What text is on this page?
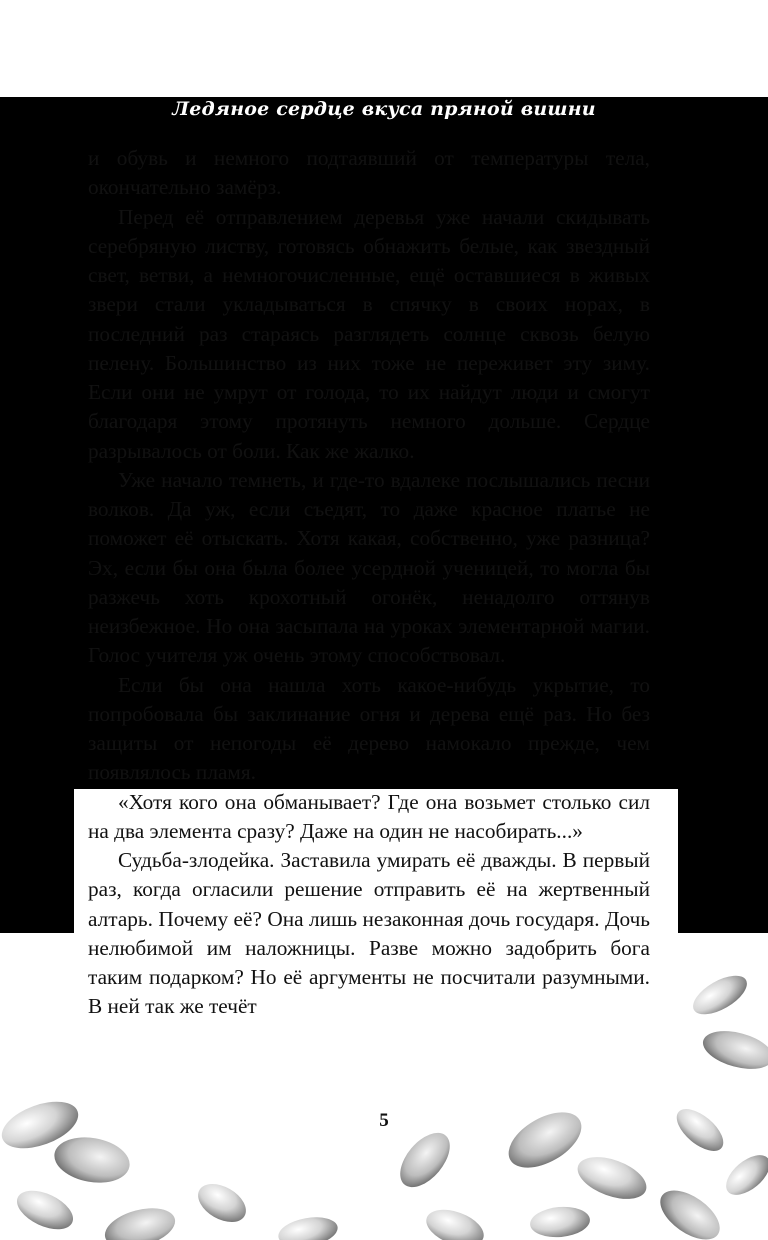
Ледяное сердце вкуса пряной вишни

и обувь и немного подтаявший от температуры тела, окончательно замёрз.

Перед её отправлением деревья уже начали скидывать серебряную листву, готовясь обнажить белые, как звездный свет, ветви, а немногочисленные, ещё оставшиеся в живых звери стали укладываться в спячку в своих норах, в последний раз стараясь разглядеть солнце сквозь белую пелену. Большинство из них тоже не переживет эту зиму. Если они не умрут от голода, то их найдут люди и смогут благодаря этому протянуть немного дольше. Сердце разрывалось от боли. Как же жалко.

Уже начало темнеть, и где-то вдалеке послышались песни волков. Да уж, если съедят, то даже красное платье не поможет её отыскать. Хотя какая, собственно, уже разница? Эх, если бы она была более усердной ученицей, то могла бы разжечь хоть крохотный огонёк, ненадолго оттянув неизбежное. Но она засыпала на уроках элементарной магии. Голос учителя уж очень этому способствовал.

Если бы она нашла хоть какое-нибудь укрытие, то попробовала бы заклинание огня и дерева ещё раз. Но без защиты от непогоды её дерево намокало прежде, чем появлялось пламя.

«Хотя кого она обманывает? Где она возьмет столько сил на два элемента сразу? Даже на один не насобирать...»

Судьба-злодейка. Заставила умирать её дважды. В первый раз, когда огласили решение отправить её на жертвенный алтарь. Почему её? Она лишь незаконная дочь государя. Дочь нелюбимой им наложницы. Разве можно задобрить бога таким подарком? Но её аргументы не посчитали разумными. В ней так же течёт

5
